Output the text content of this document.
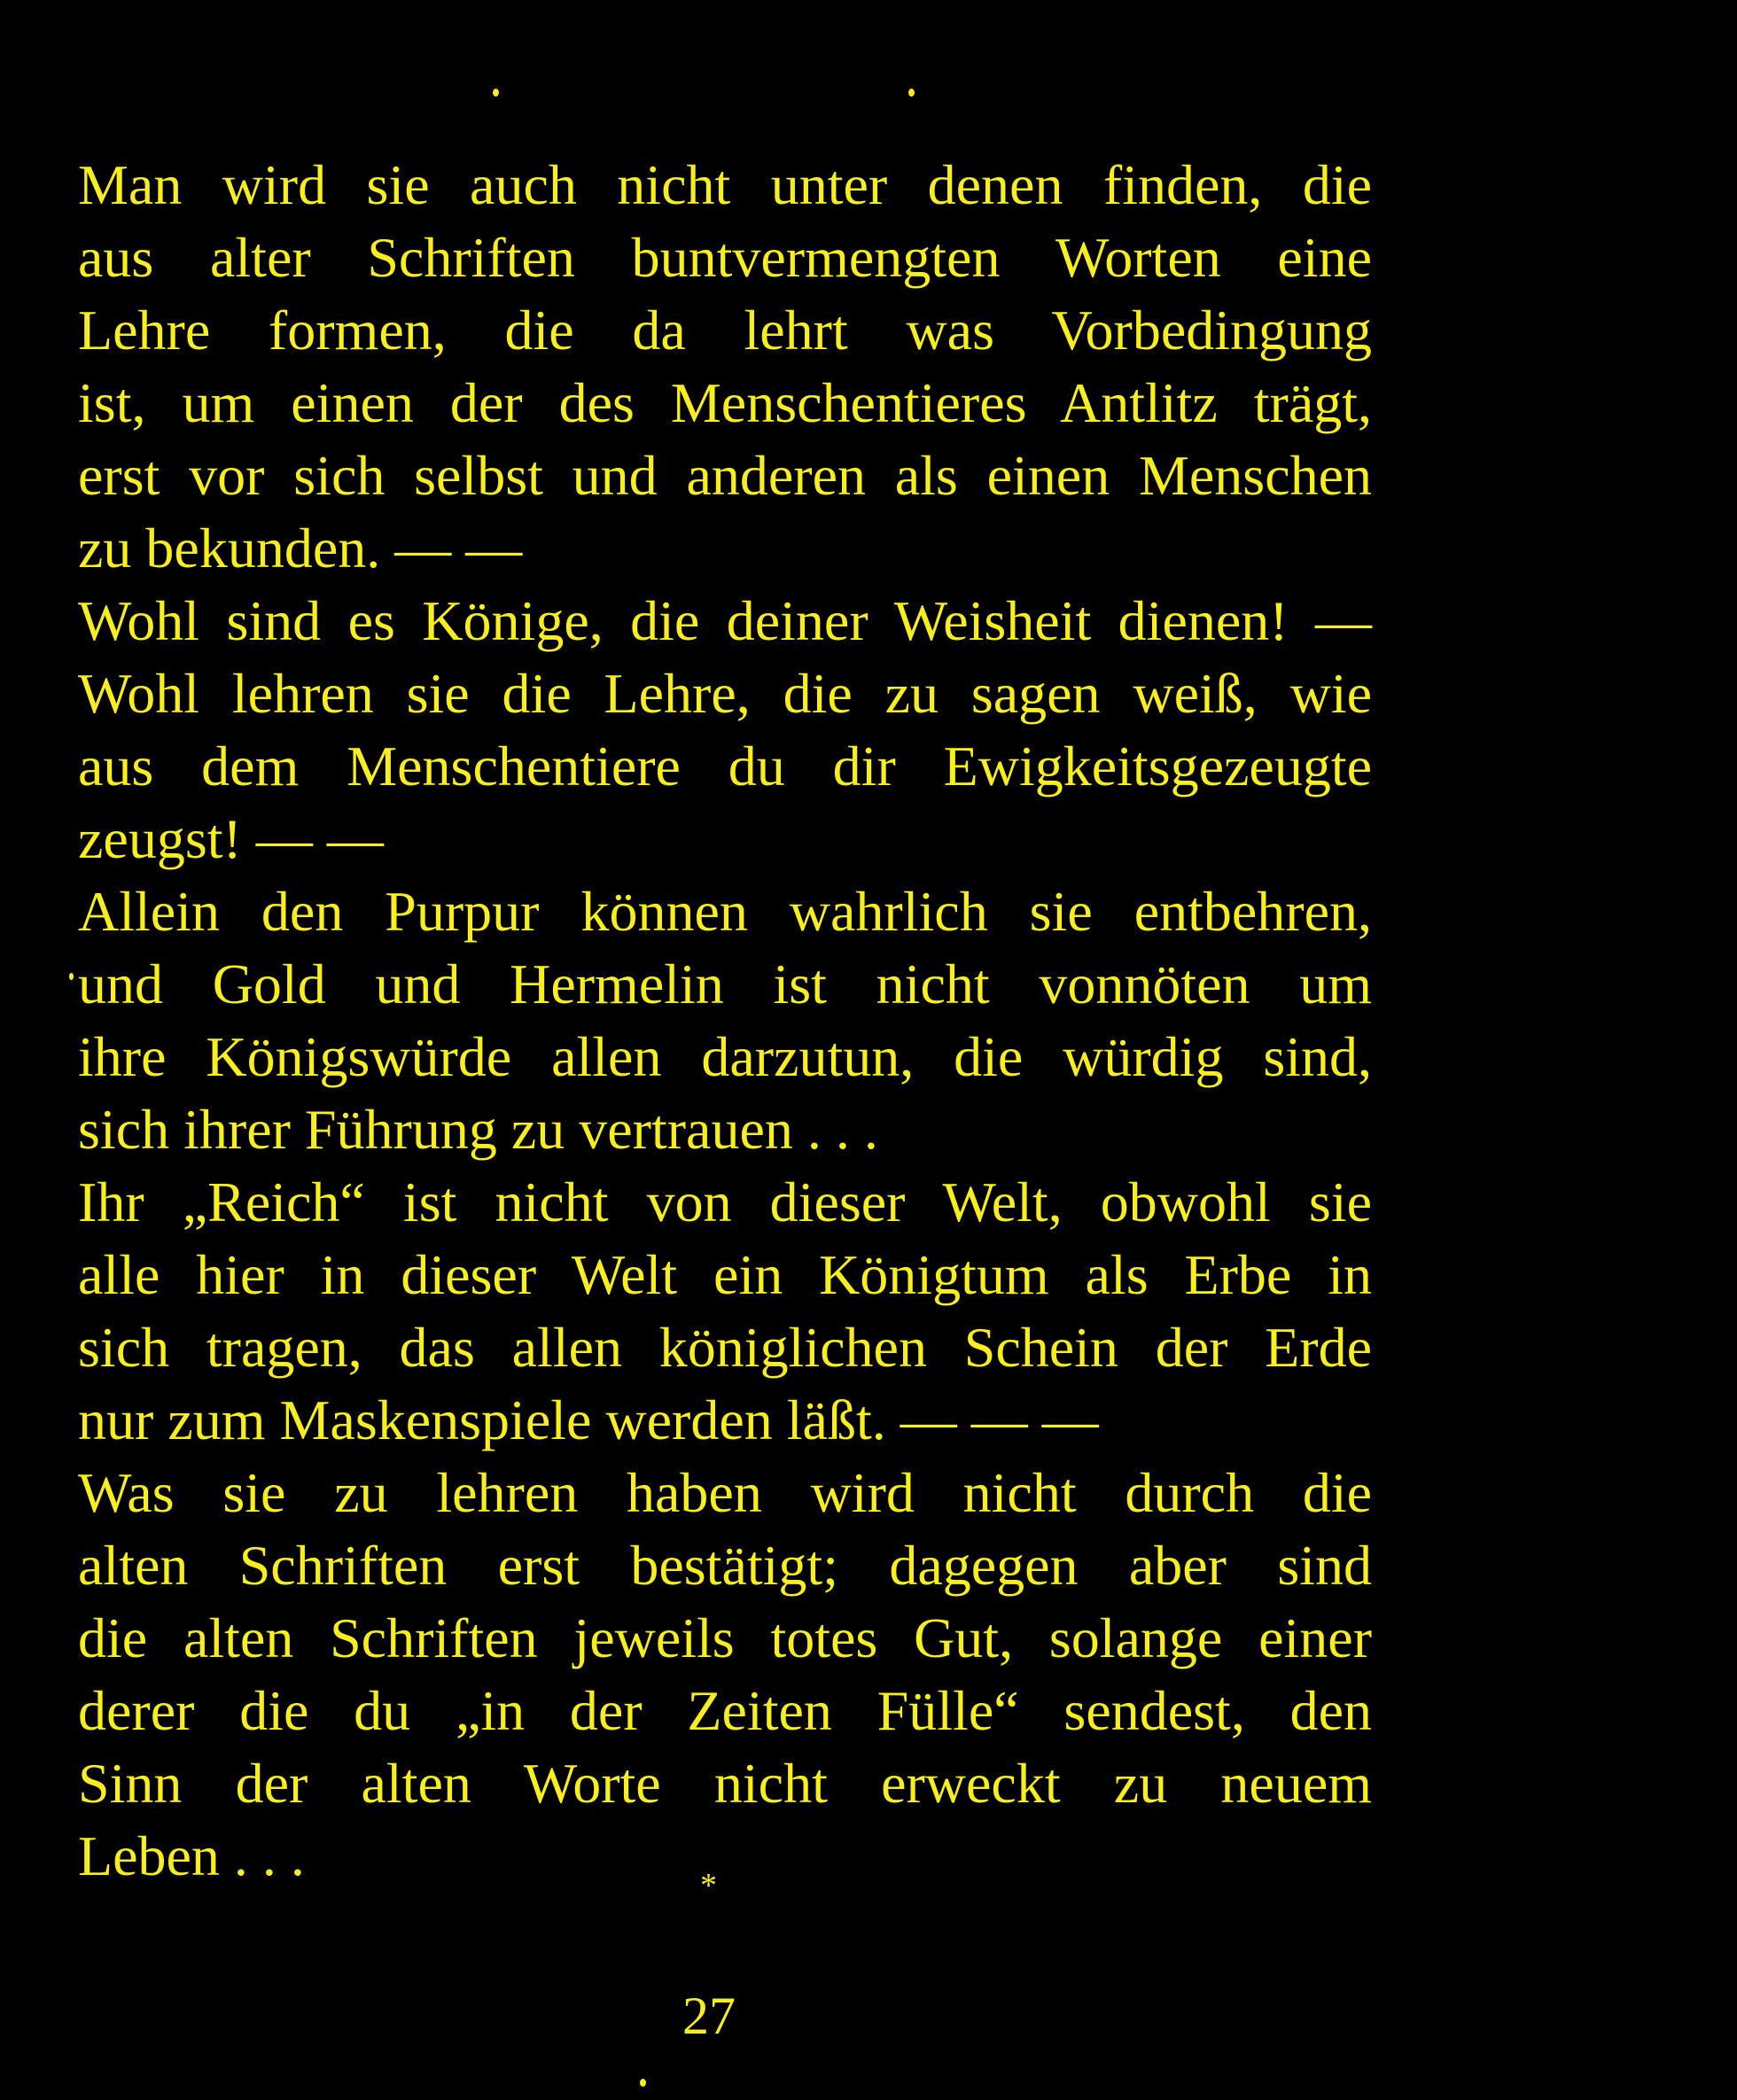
Man wird sie auch nicht unter denen finden, die
aus alter Schriften buntvermengten Worten eine
Lehre formen, die da lehrt was Vorbedingung
ist, um einen der des Menschentieres Antlitz trägt,
erst vor sich selbst und anderen als einen Menschen
zu bekunden. — —
Wohl sind es Könige, die deiner Weisheit dienen! —
Wohl lehren sie die Lehre, die zu sagen weiß, wie
aus dem Menschentiere du dir Ewigkeitsgezeugte
zeugst! — —
Allein den Purpur können wahrlich sie entbehren,
und Gold und Hermelin ist nicht vonnöten um
ihre Königswürde allen darzutun, die würdig sind,
sich ihrer Führung zu vertrauen . . .
Ihr „Reich“ ist nicht von dieser Welt, obwohl sie
alle hier in dieser Welt ein Königtum als Erbe in
sich tragen, das allen königlichen Schein der Erde
nur zum Maskenspiele werden läßt. — — —
Was sie zu lehren haben wird nicht durch die
alten Schriften erst bestätigt; dagegen aber sind
die alten Schriften jeweils totes Gut, solange einer
derer die du „in der Zeiten Fülle“ sendest, den
Sinn der alten Worte nicht erweckt zu neuem
Leben . . .	*
27
